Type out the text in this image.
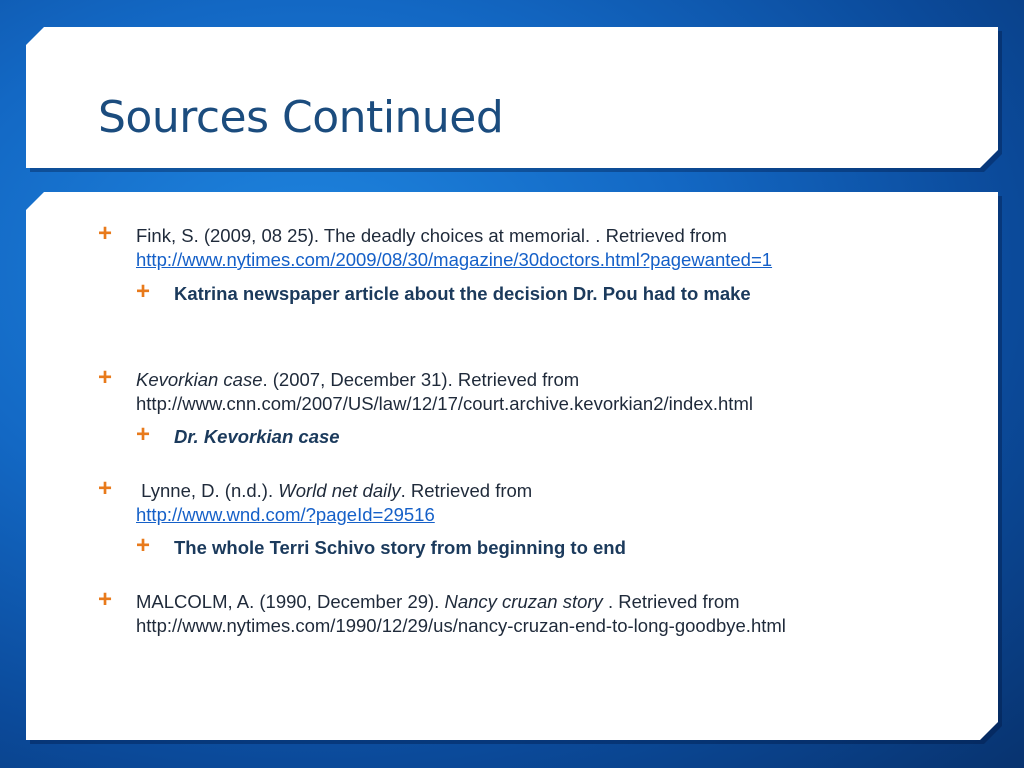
Sources Continued
+ Fink, S. (2009, 08 25). The deadly choices at memorial. . Retrieved from
http://www.nytimes.com/2009/08/30/magazine/30doctors.html?pagewanted=1
+ Katrina newspaper article about the decision Dr. Pou had to make
+ Kevorkian case. (2007, December 31). Retrieved from
http://www.cnn.com/2007/US/law/12/17/court.archive.kevorkian2/index.html
+ Dr. Kevorkian case
+ Lynne, D. (n.d.). World net daily. Retrieved from
http://www.wnd.com/?pageId=29516
+ The whole Terri Schivo story from beginning to end
+ MALCOLM, A. (1990, December 29). Nancy cruzan story . Retrieved from
http://www.nytimes.com/1990/12/29/us/nancy-cruzan-end-to-long-goodbye.html
